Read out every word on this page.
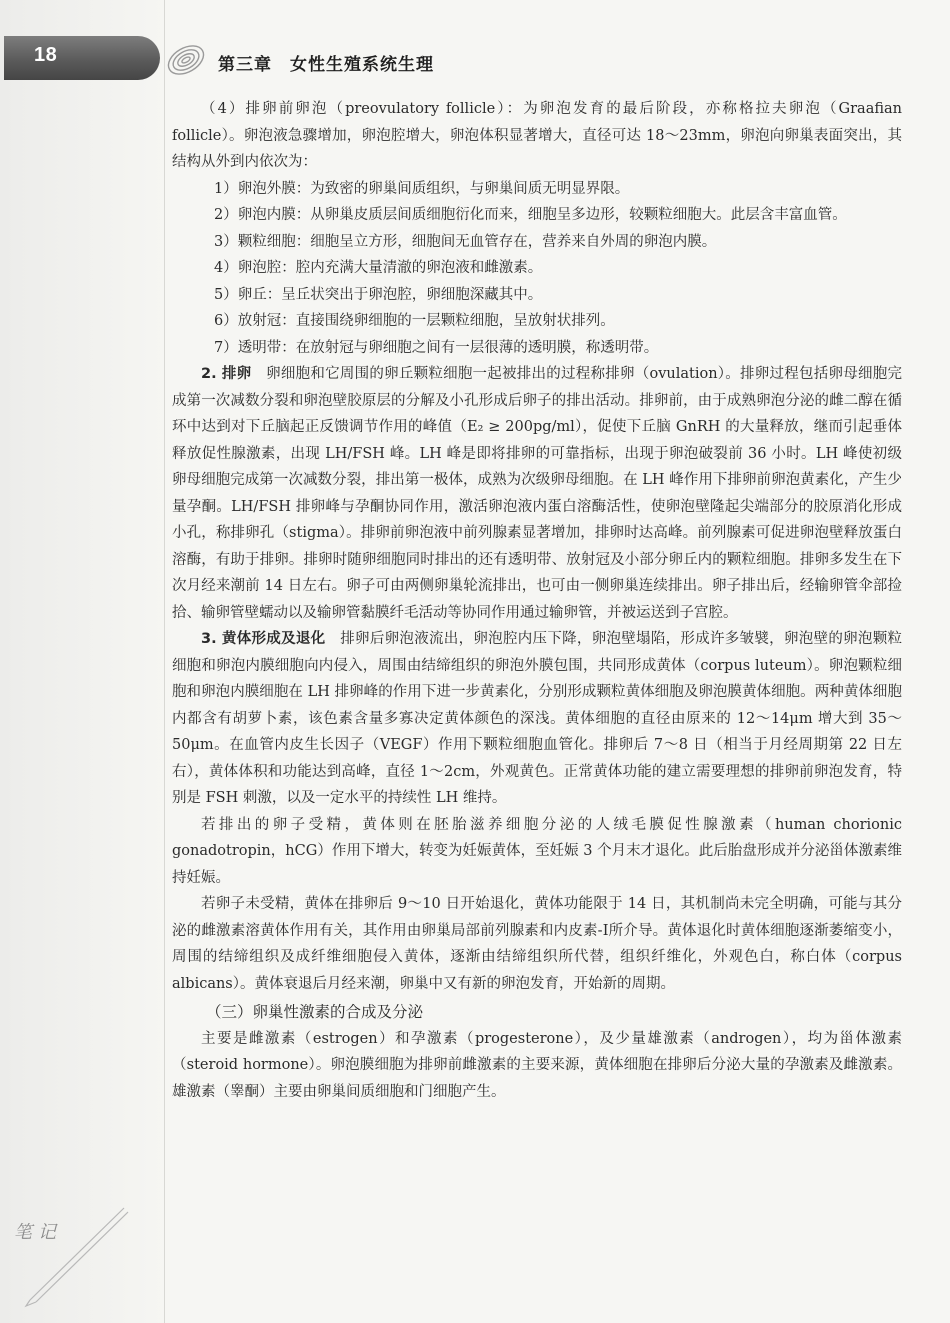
18	第三章　女性生殖系统生理

（4）排卵前卵泡（preovulatory follicle）：为卵泡发育的最后阶段，亦称格拉夫卵泡（Graafian follicle）。卵泡液急骤增加，卵泡腔增大，卵泡体积显著增大，直径可达 18～23mm，卵泡向卵巢表面突出，其结构从外到内依次为：

1）卵泡外膜：为致密的卵巢间质组织，与卵巢间质无明显界限。

2）卵泡内膜：从卵巢皮质层间质细胞衍化而来，细胞呈多边形，较颗粒细胞大。此层含丰富血管。

3）颗粒细胞：细胞呈立方形，细胞间无血管存在，营养来自外周的卵泡内膜。

4）卵泡腔：腔内充满大量清澈的卵泡液和雌激素。

5）卵丘：呈丘状突出于卵泡腔，卵细胞深藏其中。

6）放射冠：直接围绕卵细胞的一层颗粒细胞，呈放射状排列。

7）透明带：在放射冠与卵细胞之间有一层很薄的透明膜，称透明带。

2. 排卵　卵细胞和它周围的卵丘颗粒细胞一起被排出的过程称排卵（ovulation）。排卵过程包括卵母细胞完成第一次减数分裂和卵泡壁胶原层的分解及小孔形成后卵子的排出活动。排卵前，由于成熟卵泡分泌的雌二醇在循环中达到对下丘脑起正反馈调节作用的峰值（E₂ ≥ 200pg/ml），促使下丘脑 GnRH 的大量释放，继而引起垂体释放促性腺激素，出现 LH/FSH 峰。LH 峰是即将排卵的可靠指标，出现于卵泡破裂前 36 小时。LH 峰使初级卵母细胞完成第一次减数分裂，排出第一极体，成熟为次级卵母细胞。在 LH 峰作用下排卵前卵泡黄素化，产生少量孕酮。LH/FSH 排卵峰与孕酮协同作用，激活卵泡液内蛋白溶酶活性，使卵泡壁隆起尖端部分的胶原消化形成小孔，称排卵孔（stigma）。排卵前卵泡液中前列腺素显著增加，排卵时达高峰。前列腺素可促进卵泡壁释放蛋白溶酶，有助于排卵。排卵时随卵细胞同时排出的还有透明带、放射冠及小部分卵丘内的颗粒细胞。排卵多发生在下次月经来潮前 14 日左右。卵子可由两侧卵巢轮流排出，也可由一侧卵巢连续排出。卵子排出后，经输卵管伞部捡拾、输卵管壁蠕动以及输卵管黏膜纤毛活动等协同作用通过输卵管，并被运送到子宫腔。

3. 黄体形成及退化　排卵后卵泡液流出，卵泡腔内压下降，卵泡壁塌陷，形成许多皱襞，卵泡壁的卵泡颗粒细胞和卵泡内膜细胞向内侵入，周围由结缔组织的卵泡外膜包围，共同形成黄体（corpus luteum）。卵泡颗粒细胞和卵泡内膜细胞在 LH 排卵峰的作用下进一步黄素化，分别形成颗粒黄体细胞及卵泡膜黄体细胞。两种黄体细胞内都含有胡萝卜素，该色素含量多寡决定黄体颜色的深浅。黄体细胞的直径由原来的 12～14μm 增大到 35～50μm。在血管内皮生长因子（VEGF）作用下颗粒细胞血管化。排卵后 7～8 日（相当于月经周期第 22 日左右），黄体体积和功能达到高峰，直径 1～2cm，外观黄色。正常黄体功能的建立需要理想的排卵前卵泡发育，特别是 FSH 刺激，以及一定水平的持续性 LH 维持。

若排出的卵子受精，黄体则在胚胎滋养细胞分泌的人绒毛膜促性腺激素（human chorionic gonadotropin，hCG）作用下增大，转变为妊娠黄体，至妊娠 3 个月末才退化。此后胎盘形成并分泌甾体激素维持妊娠。

若卵子未受精，黄体在排卵后 9～10 日开始退化，黄体功能限于 14 日，其机制尚未完全明确，可能与其分泌的雌激素溶黄体作用有关，其作用由卵巢局部前列腺素和内皮素-Ⅰ所介导。黄体退化时黄体细胞逐渐萎缩变小，周围的结缔组织及成纤维细胞侵入黄体，逐渐由结缔组织所代替，组织纤维化，外观色白，称白体（corpus albicans）。黄体衰退后月经来潮，卵巢中又有新的卵泡发育，开始新的周期。

（三）卵巢性激素的合成及分泌

主要是雌激素（estrogen）和孕激素（progesterone），及少量雄激素（androgen），均为甾体激素（steroid hormone）。卵泡膜细胞为排卵前雌激素的主要来源，黄体细胞在排卵后分泌大量的孕激素及雌激素。雄激素（睾酮）主要由卵巢间质细胞和门细胞产生。

笔记
